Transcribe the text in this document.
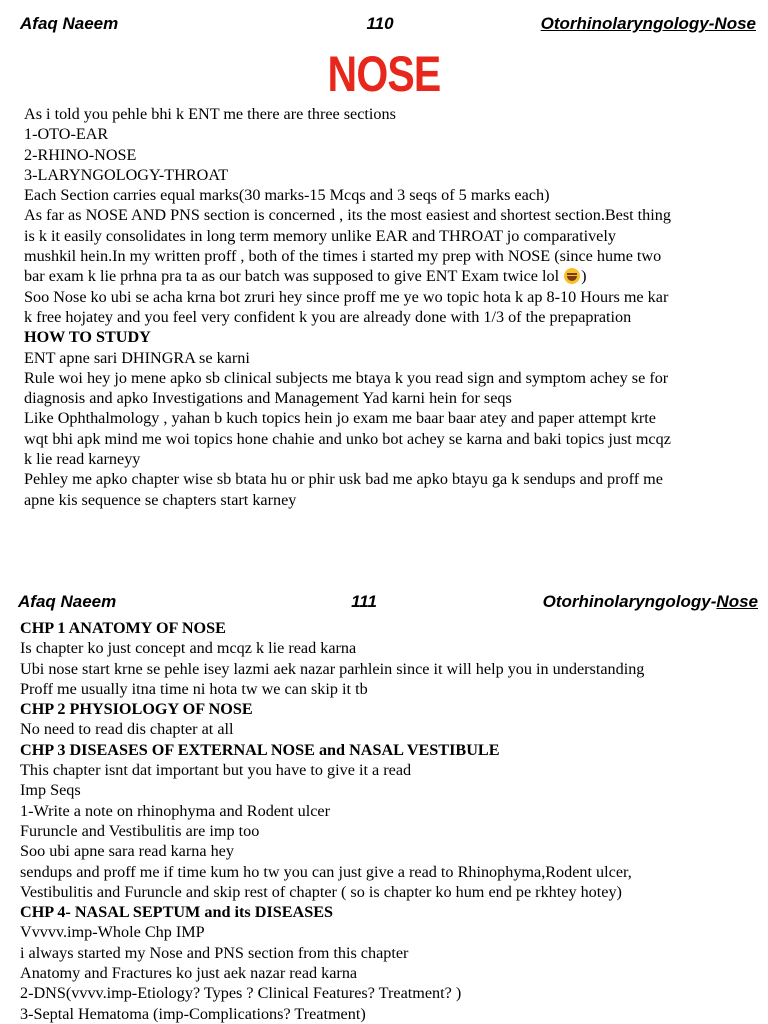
Afaq Naeem	110	Otorhinolaryngology-Nose
NOSE
As i told you pehle bhi k ENT me there are three sections
1-OTO-EAR
2-RHINO-NOSE
3-LARYNGOLOGY-THROAT
Each Section carries equal marks(30 marks-15 Mcqs and 3 seqs of 5 marks each)
As far as NOSE AND PNS section is concerned , its the most easiest and shortest section.Best thing
is k it easily consolidates in long term memory unlike EAR and THROAT jo comparatively
mushkil hein.In my written proff , both of the times i started my prep with NOSE (since hume two
bar exam k lie prhna pra ta as our batch was supposed to give ENT Exam twice lol )
Soo Nose ko ubi se acha krna bot zruri hey since proff me ye wo topic hota k ap 8-10 Hours me kar
k free hojatey and you feel very confident k you are already done with 1/3 of the prepapration
HOW TO STUDY
ENT apne sari DHINGRA se karni
Rule woi hey jo mene apko sb clinical subjects me btaya k you read sign and symptom achey se for
diagnosis and apko Investigations and Management Yad karni hein for seqs
Like Ophthalmology , yahan b kuch topics hein jo exam me baar baar atey and paper attempt krte
wqt bhi apk mind me woi topics hone chahie and unko bot achey se karna and baki topics just mcqz
k lie read karneyy
Pehley me apko chapter wise sb btata hu or phir usk bad me apko btayu ga k sendups and proff me
apne kis sequence se chapters start karney
Afaq Naeem	111	Otorhinolaryngology-Nose
CHP 1 ANATOMY OF NOSE
Is chapter ko just concept and mcqz k lie read karna
Ubi nose start krne se pehle isey lazmi aek nazar parhlein since it will help you in understanding
Proff me usually itna time ni hota tw we can skip it tb
CHP 2 PHYSIOLOGY OF NOSE
No need to read dis chapter at all
CHP 3 DISEASES OF EXTERNAL NOSE and NASAL VESTIBULE
This chapter isnt dat important but you have to give it a read
Imp Seqs
1-Write a note on rhinophyma and Rodent ulcer
Furuncle and Vestibulitis are imp too
Soo ubi apne sara read karna hey
sendups and proff me if time kum ho tw you can just give a read to Rhinophyma,Rodent ulcer,
Vestibulitis and Furuncle and skip rest of chapter ( so is chapter ko hum end pe rkhtey hotey)
CHP 4- NASAL SEPTUM and its DISEASES
Vvvvv.imp-Whole Chp IMP
i always started my Nose and PNS section from this chapter
Anatomy and Fractures ko just aek nazar read karna
2-DNS(vvvv.imp-Etiology? Types ? Clinical Features? Treatment? )
3-Septal Hematoma (imp-Complications? Treatment)
